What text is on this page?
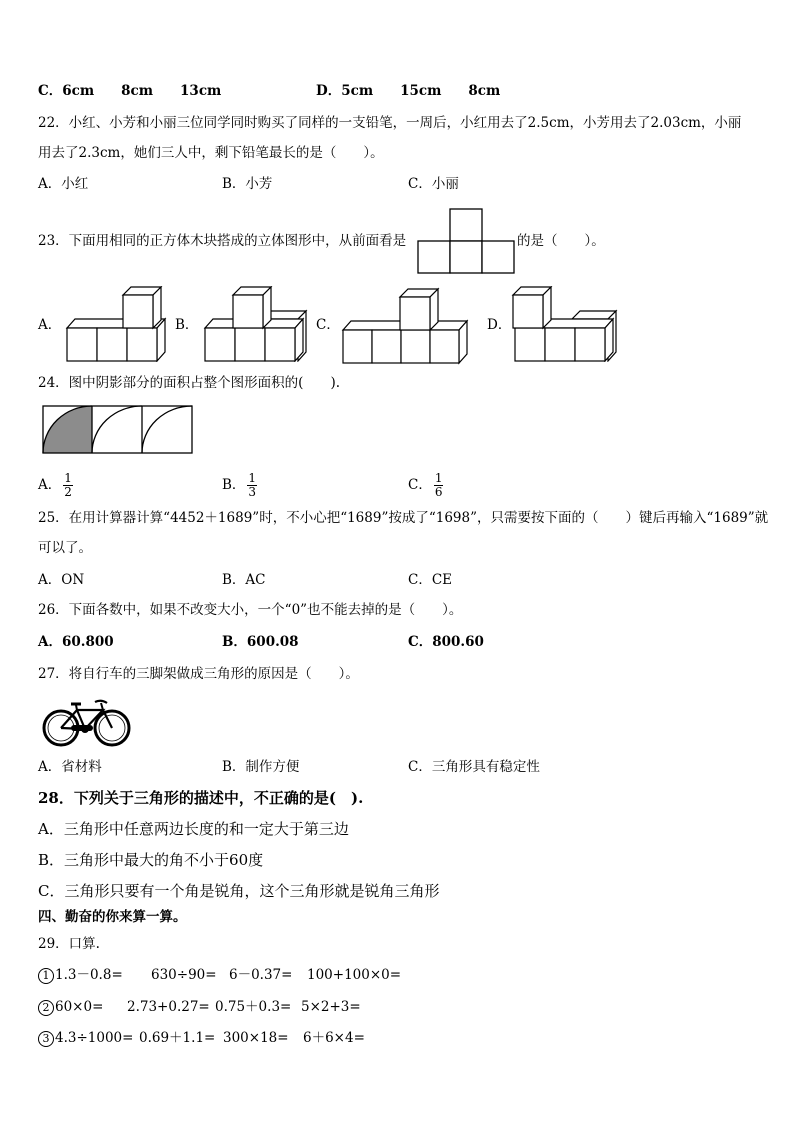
C．6cm　　8cm　　13cm	D．5cm　　15cm　　8cm
22．小红、小芳和小丽三位同学同时购买了同样的一支铅笔，一周后，小红用去了2.5cm，小芳用去了2.03cm，小丽
用去了2.3cm，她们三人中，剩下铅笔最长的是（　　）。
A．小红	B．小芳	C．小丽
23．下面用相同的正方体木块搭成的立体图形中，从前面看是	的是（　　）。
A．	B．	C．	D．
24．图中阴影部分的面积占整个图形面积的(　　).
A． $\frac{1}{2}$	B． $\frac{1}{3}$	C． $\frac{1}{6}$
25．在用计算器计算“4452＋1689”时，不小心把“1689”按成了“1698”，只需要按下面的（　　）键后再输入“1689”就
可以了。
A．ON	B．AC	C．CE
26．下面各数中，如果不改变大小，一个“0”也不能去掉的是（　　）。
A．60.800	B．600.08	C．800.60
27．将自行车的三脚架做成三角形的原因是（　　）。
A．省材料	B．制作方便	C．三角形具有稳定性
28．下列关于三角形的描述中，不正确的是(　).
A．三角形中任意两边长度的和一定大于第三边
B．三角形中最大的角不小于60度
C．三角形只要有一个角是锐角，这个三角形就是锐角三角形
四、勤奋的你来算一算。
29．口算.
1 1.3－0.8= 630÷90= 6－0.37= 100+100×0=
2 60×0= 2.73+0.27= 0.75＋0.3= 5×2+3=
3 4.3÷1000= 0.69＋1.1= 300×18= 6＋6×4=
